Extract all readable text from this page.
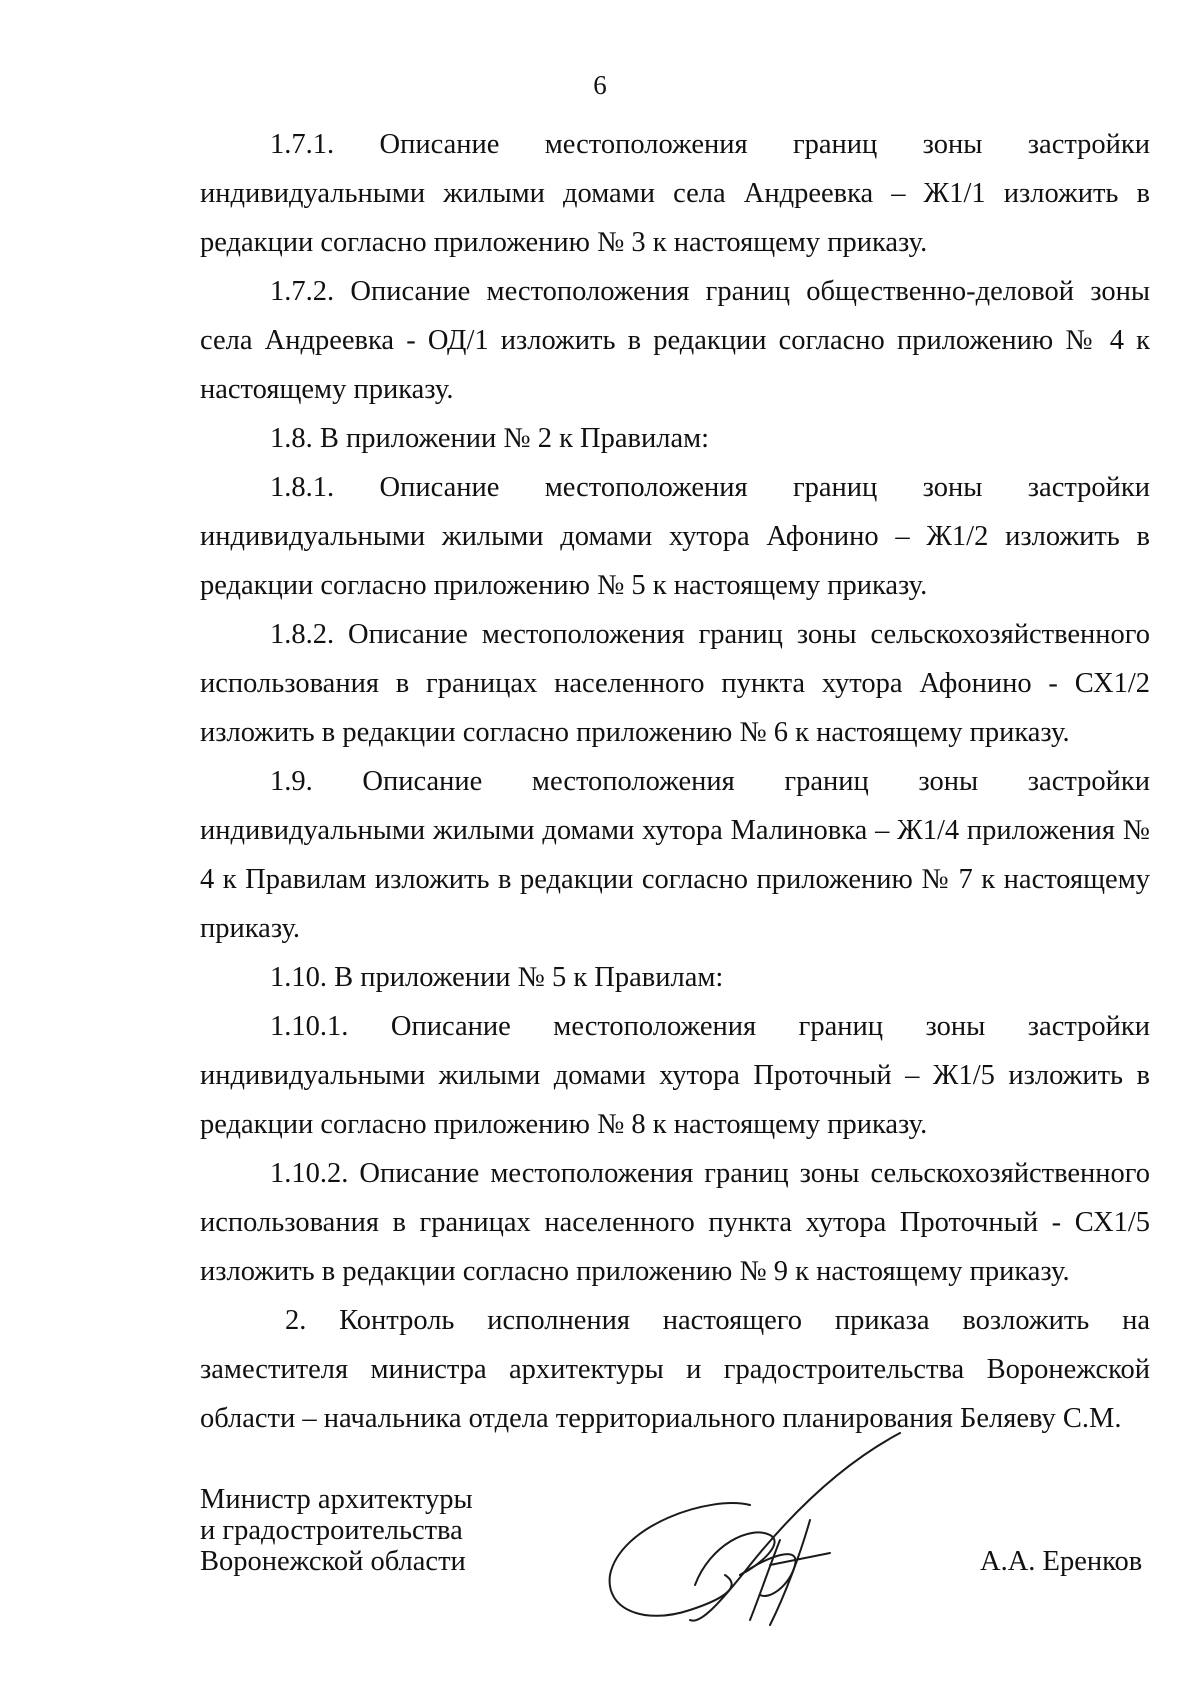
6

1.7.1. Описание местоположения границ зоны застройки индивидуальными жилыми домами села Андреевка – Ж1/1 изложить в редакции согласно приложению № 3 к настоящему приказу.

1.7.2. Описание местоположения границ общественно-деловой зоны села Андреевка - ОД/1 изложить в редакции согласно приложению № 4 к настоящему приказу.

1.8. В приложении № 2 к Правилам:

1.8.1. Описание местоположения границ зоны застройки индивидуальными жилыми домами хутора Афонино – Ж1/2 изложить в редакции согласно приложению № 5 к настоящему приказу.

1.8.2. Описание местоположения границ зоны сельскохозяйственного использования в границах населенного пункта хутора Афонино - СХ1/2 изложить в редакции согласно приложению № 6 к настоящему приказу.

1.9. Описание местоположения границ зоны застройки индивидуальными жилыми домами хутора Малиновка – Ж1/4 приложения № 4 к Правилам изложить в редакции согласно приложению № 7 к настоящему приказу.

1.10. В приложении № 5 к Правилам:

1.10.1. Описание местоположения границ зоны застройки индивидуальными жилыми домами хутора Проточный – Ж1/5 изложить в редакции согласно приложению № 8 к настоящему приказу.

1.10.2. Описание местоположения границ зоны сельскохозяйственного использования в границах населенного пункта хутора Проточный - СХ1/5 изложить в редакции согласно приложению № 9 к настоящему приказу.

2. Контроль исполнения настоящего приказа возложить на заместителя министра архитектуры и градостроительства Воронежской области – начальника отдела территориального планирования Беляеву С.М.

Министр архитектуры
и градостроительства
Воронежской области	А.А. Еренков
